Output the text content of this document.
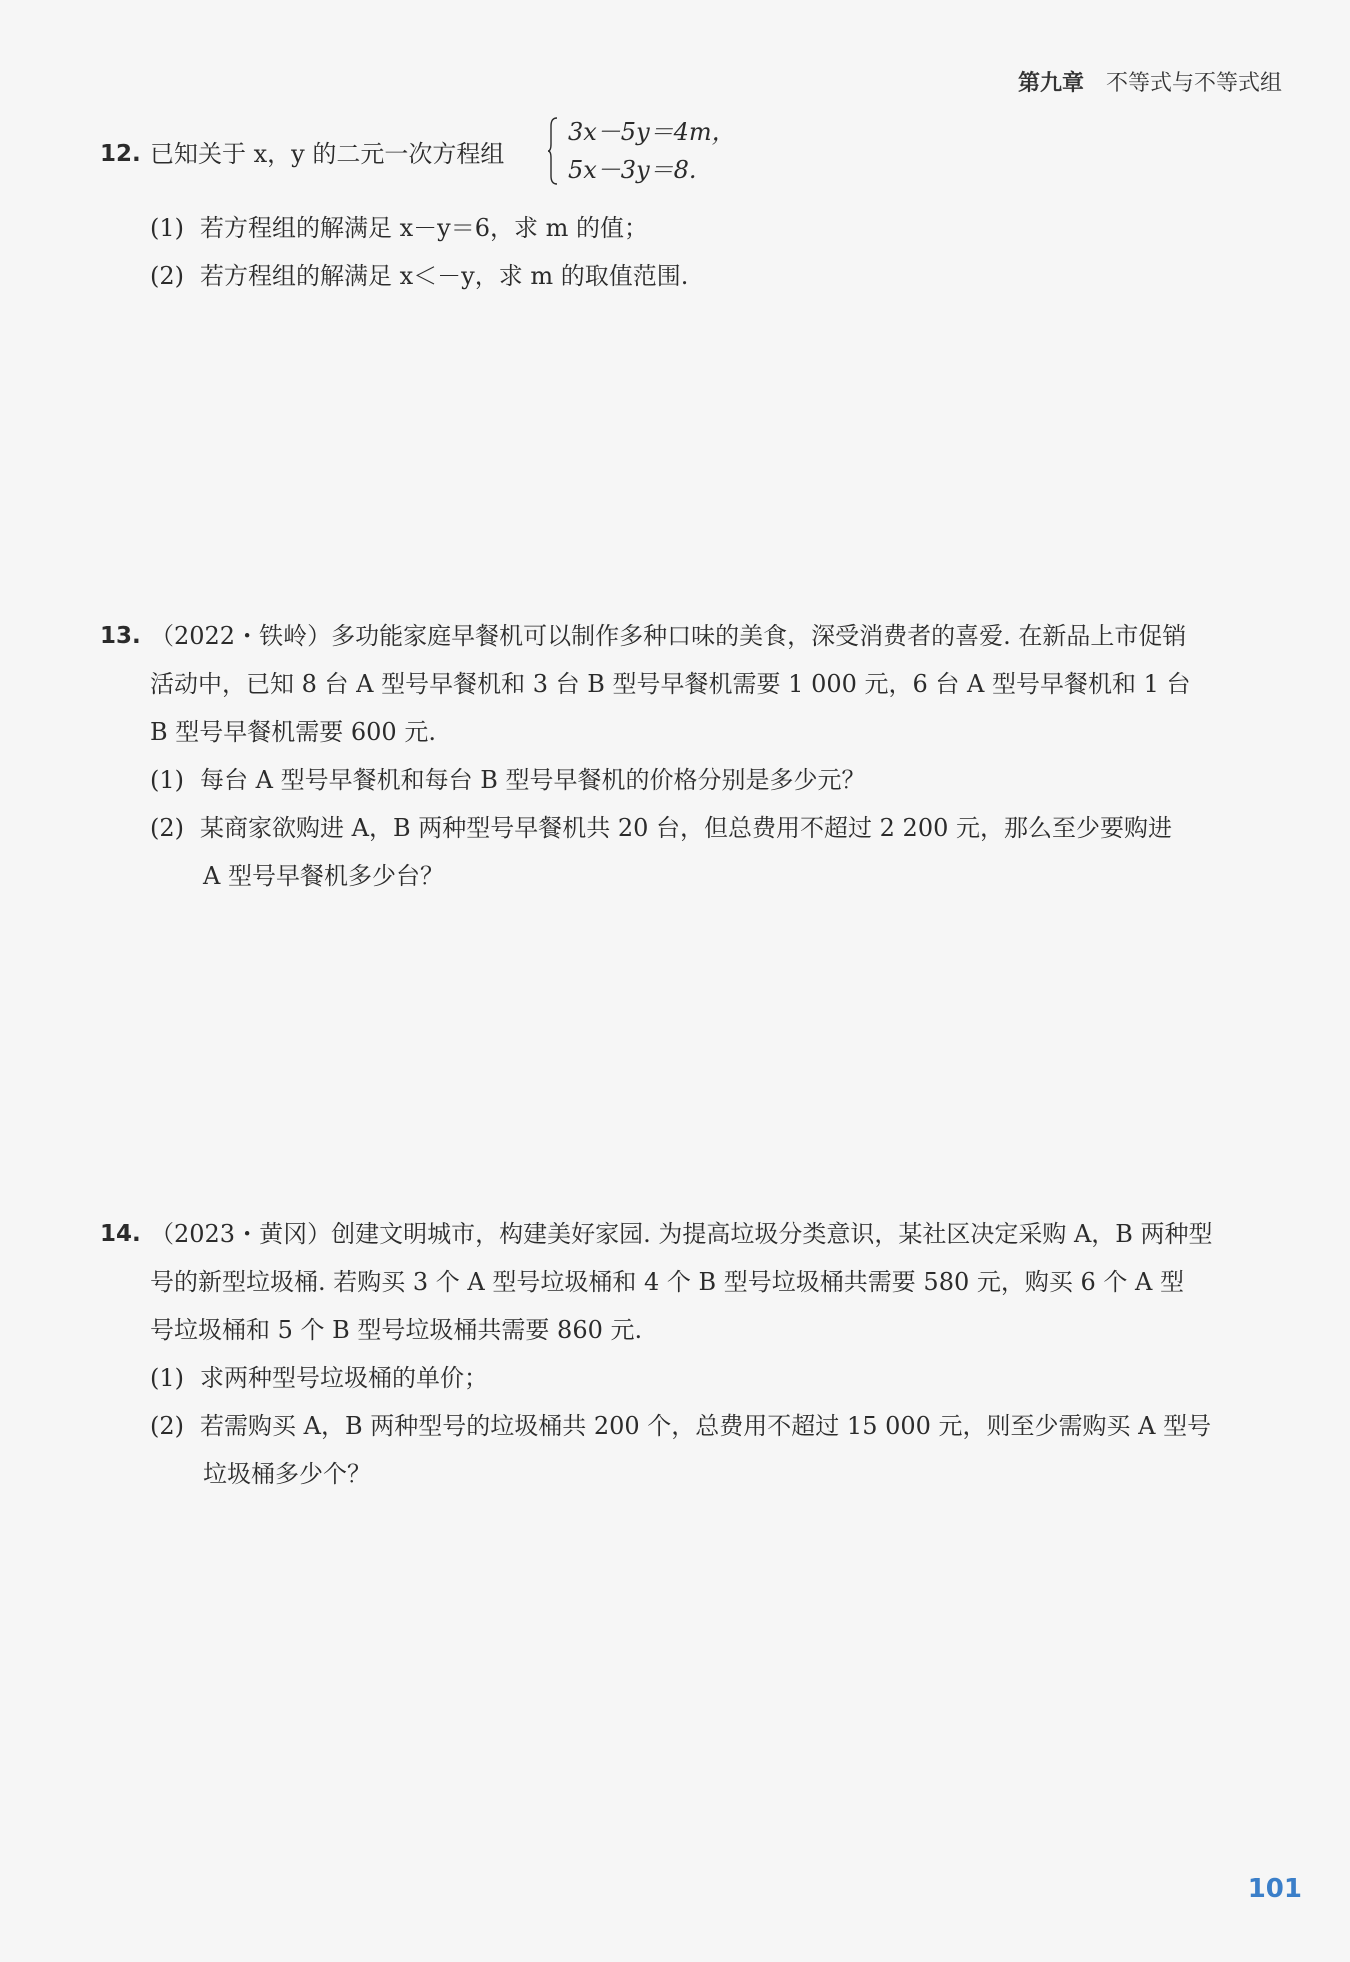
第九章 不等式与不等式组
12. 已知关于 x，y 的二元一次方程组
3x－5y＝4m，
5x－3y＝8.
(1) 若方程组的解满足 x－y＝6，求 m 的值；
(2) 若方程组的解满足 x＜－y，求 m 的取值范围.
13. （2022・铁岭）多功能家庭早餐机可以制作多种口味的美食，深受消费者的喜爱. 在新品上市促销
活动中，已知 8 台 A 型号早餐机和 3 台 B 型号早餐机需要 1 000 元，6 台 A 型号早餐机和 1 台
B 型号早餐机需要 600 元.
(1) 每台 A 型号早餐机和每台 B 型号早餐机的价格分别是多少元？
(2) 某商家欲购进 A，B 两种型号早餐机共 20 台，但总费用不超过 2 200 元，那么至少要购进
A 型号早餐机多少台？
14. （2023・黄冈）创建文明城市，构建美好家园. 为提高垃圾分类意识，某社区决定采购 A，B 两种型
号的新型垃圾桶. 若购买 3 个 A 型号垃圾桶和 4 个 B 型号垃圾桶共需要 580 元，购买 6 个 A 型
号垃圾桶和 5 个 B 型号垃圾桶共需要 860 元.
(1) 求两种型号垃圾桶的单价；
(2) 若需购买 A，B 两种型号的垃圾桶共 200 个，总费用不超过 15 000 元，则至少需购买 A 型号
垃圾桶多少个？
101
